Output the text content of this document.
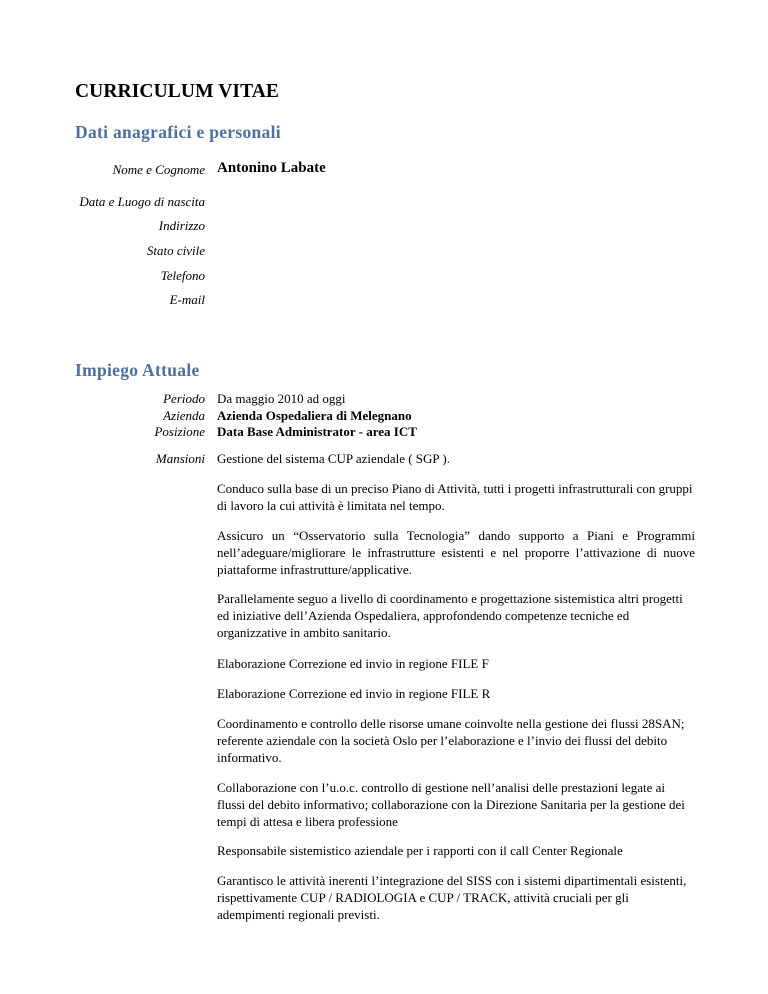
CURRICULUM VITAE
Dati anagrafici e personali
Nome e Cognome Antonino Labate
Data e Luogo di nascita
Indirizzo
Stato civile
Telefono
E-mail
Impiego Attuale
Periodo
Azienda
Posizione
Da maggio 2010 ad oggi
Azienda Ospedaliera di Melegnano
Data Base Administrator - area ICT
Mansioni Gestione del sistema CUP aziendale ( SGP ).

Conduco sulla base di un preciso Piano di Attività, tutti i progetti infrastrutturali con gruppi di lavoro la cui attività è limitata nel tempo.

Assicuro un “Osservatorio sulla Tecnologia” dando supporto a Piani e Programmi nell’adeguare/migliorare le infrastrutture esistenti e nel proporre l’attivazione di nuove piattaforme infrastrutture/applicative.

Parallelamente seguo a livello di coordinamento e progettazione sistemistica altri progetti ed iniziative dell’Azienda Ospedaliera, approfondendo competenze tecniche ed organizzative in ambito sanitario.

Elaborazione Correzione ed invio in regione FILE F

Elaborazione Correzione ed invio in regione FILE R

Coordinamento e controllo delle risorse umane coinvolte nella gestione dei flussi 28SAN; referente aziendale con la società Oslo per l’elaborazione e l’invio dei flussi del debito informativo.

Collaborazione con l’u.o.c. controllo di gestione nell’analisi delle prestazioni legate ai flussi del debito informativo; collaborazione con la Direzione Sanitaria per la gestione dei tempi di attesa e libera professione

Responsabile sistemistico aziendale per i rapporti con il call Center Regionale

Garantisco le attività inerenti l’integrazione del SISS con i sistemi dipartimentali esistenti, rispettivamente CUP / RADIOLOGIA e CUP / TRACK, attività cruciali per gli adempimenti regionali previsti.
